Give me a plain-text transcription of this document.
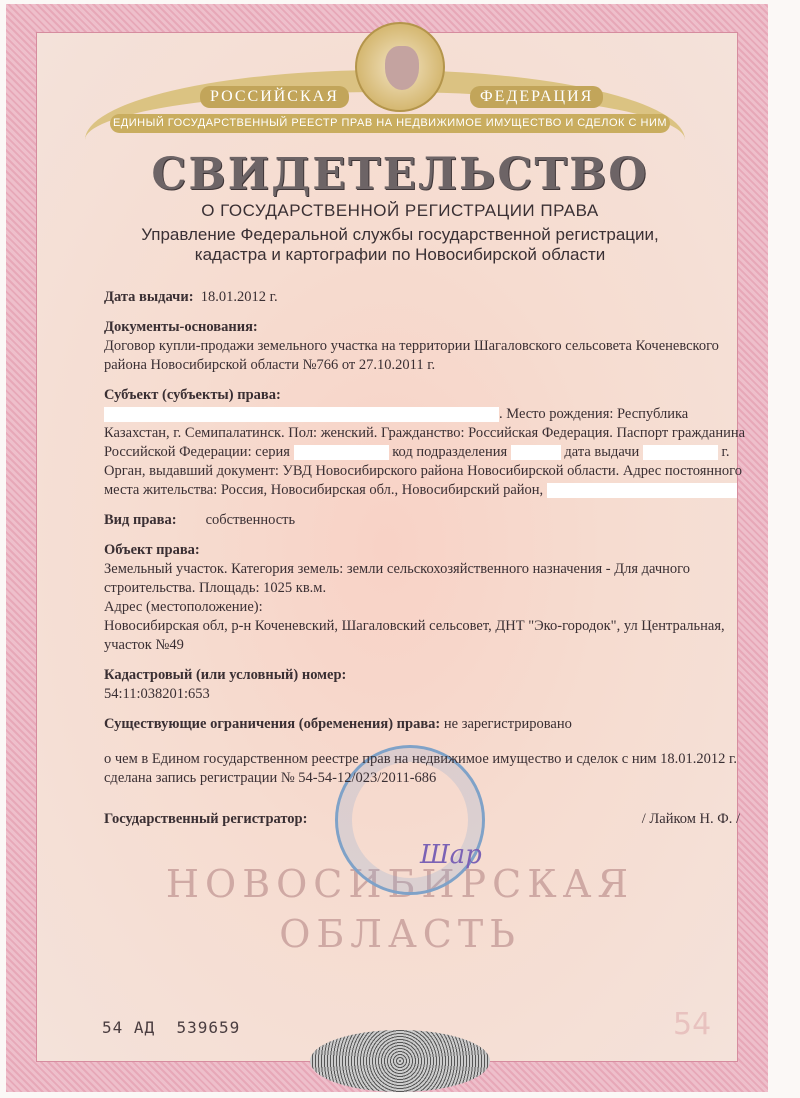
РОССИЙСКАЯ	ФЕДЕРАЦИЯ
ЕДИНЫЙ ГОСУДАРСТВЕННЫЙ РЕЕСТР ПРАВ НА НЕДВИЖИМОЕ ИМУЩЕСТВО И СДЕЛОК С НИМ
СВИДЕТЕЛЬСТВО
О ГОСУДАРСТВЕННОЙ РЕГИСТРАЦИИ ПРАВА
Управление Федеральной службы государственной регистрации,
кадастра и картографии по Новосибирской области
НОВОСИБИРСКАЯ
ОБЛАСТЬ
Шар
Дата выдачи: 18.01.2012 г.
Документы-основания:
Договор купли-продажи земельного участка на территории Шагаловского сельсовета Коченевского района Новосибирской области №766 от 27.10.2011 г.
Субъект (субъекты) права:
. Место рождения: Республика Казахстан, г. Семипалатинск. Пол: женский. Гражданство: Российская Федерация. Паспорт гражданина Российской Федерации: серия	код подразделения	дата выдачи	г. Орган, выдавший документ: УВД Новосибирского района Новосибирской области. Адрес постоянного места жительства: Россия, Новосибирская обл., Новосибирский район,
Вид права: собственность
Объект права:
Земельный участок. Категория земель: земли сельскохозяйственного назначения - Для дачного строительства. Площадь: 1025 кв.м.
Адрес (местоположение):
Новосибирская обл, р-н Коченевский, Шагаловский сельсовет, ДНТ "Эко-городок", ул Центральная, участок №49
Кадастровый (или условный) номер:
54:11:038201:653
Существующие ограничения (обременения) права: не зарегистрировано
о чем в Едином государственном реестре прав на недвижимое имущество и сделок с ним 18.01.2012 г. сделана запись регистрации № 54-54-12/023/2011-686
Государственный регистратор:	/ Лайком Н. Ф. /
54 АД 539659	54
